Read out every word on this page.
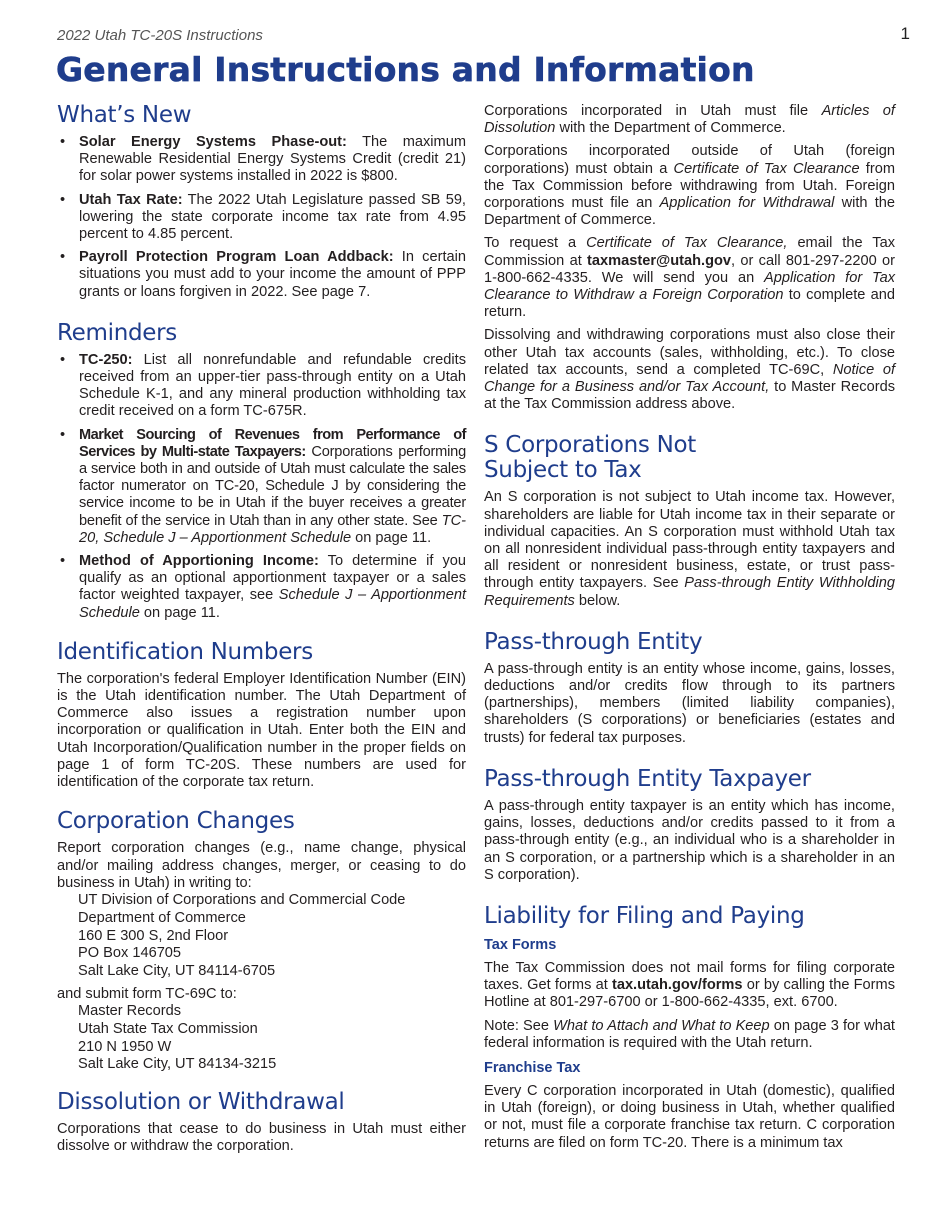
2022 Utah TC-20S Instructions	1
General Instructions and Information
What’s New
• Solar Energy Systems Phase-out: The maximum Renewable Residential Energy Systems Credit (credit 21) for solar power systems installed in 2022 is $800.
• Utah Tax Rate: The 2022 Utah Legislature passed SB 59, lowering the state corporate income tax rate from 4.95 percent to 4.85 percent.
• Payroll Protection Program Loan Addback: In certain situations you must add to your income the amount of PPP grants or loans forgiven in 2022. See page 7.
Reminders
• TC-250: List all nonrefundable and refundable credits received from an upper-tier pass-through entity on a Utah Schedule K-1, and any mineral production withholding tax credit received on a form TC-675R.
• Market Sourcing of Revenues from Performance of Services by Multi-state Taxpayers: Corporations performing a service both in and outside of Utah must calculate the sales factor numerator on TC-20, Schedule J by considering the service income to be in Utah if the buyer receives a greater benefit of the service in Utah than in any other state. See TC-20, Schedule J – Apportionment Schedule on page 11.
• Method of Apportioning Income: To determine if you qualify as an optional apportionment taxpayer or a sales factor weighted taxpayer, see Schedule J – Apportionment Schedule on page 11.
Identification Numbers

The corporation's federal Employer Identification Number (EIN) is the Utah identification number. The Utah Department of Commerce also issues a registration number upon incorporation or qualification in Utah. Enter both the EIN and Utah Incorporation/Qualification number in the proper fields on page 1 of form TC-20S. These numbers are used for identification of the corporate tax return.

Corporation Changes

Report corporation changes (e.g., name change, physical and/or mailing address changes, merger, or ceasing to do business in Utah) in writing to:

UT Division of Corporations and Commercial Code
Department of Commerce
160 E 300 S, 2nd Floor
PO Box 146705
Salt Lake City, UT 84114-6705

and submit form TC-69C to:

Master Records
Utah State Tax Commission
210 N 1950 W
Salt Lake City, UT 84134-3215
Dissolution or Withdrawal

Corporations that cease to do business in Utah must either dissolve or withdraw the corporation.

Corporations incorporated in Utah must file Articles of Dissolution with the Department of Commerce.

Corporations incorporated outside of Utah (foreign corporations) must obtain a Certificate of Tax Clearance from the Tax Commission before withdrawing from Utah. Foreign corporations must file an Application for Withdrawal with the Department of Commerce.

To request a Certificate of Tax Clearance, email the Tax Commission at taxmaster@utah.gov, or call 801-297-2200 or 1-800-662-4335. We will send you an Application for Tax Clearance to Withdraw a Foreign Corporation to complete and return.

Dissolving and withdrawing corporations must also close their other Utah tax accounts (sales, withholding, etc.). To close related tax accounts, send a completed TC-69C, Notice of Change for a Business and/or Tax Account, to Master Records at the Tax Commission address above.

S Corporations Not
Subject to Tax

An S corporation is not subject to Utah income tax. However, shareholders are liable for Utah income tax in their separate or individual capacities. An S corporation must withhold Utah tax on all nonresident individual pass-through entity taxpayers and all resident or nonresident business, estate, or trust pass-through entity taxpayers. See Pass-through Entity Withholding Requirements below.

Pass-through Entity

A pass-through entity is an entity whose income, gains, losses, deductions and/or credits flow through to its partners (partnerships), members (limited liability companies), shareholders (S corporations) or beneficiaries (estates and trusts) for federal tax purposes.

Pass-through Entity Taxpayer

A pass-through entity taxpayer is an entity which has income, gains, losses, deductions and/or credits passed to it from a pass-through entity (e.g., an individual who is a shareholder in an S corporation, or a partnership which is a shareholder in an S corporation).

Liability for Filing and Paying
Tax Forms

The Tax Commission does not mail forms for filing corporate taxes. Get forms at tax.utah.gov/forms or by calling the Forms Hotline at 801-297-6700 or 1-800-662-4335, ext. 6700.

Note: See What to Attach and What to Keep on page 3 for what federal information is required with the Utah return.

Franchise Tax

Every C corporation incorporated in Utah (domestic), qualified in Utah (foreign), or doing business in Utah, whether qualified or not, must file a corporate franchise tax return. C corporation returns are filed on form TC-20. There is a minimum tax
